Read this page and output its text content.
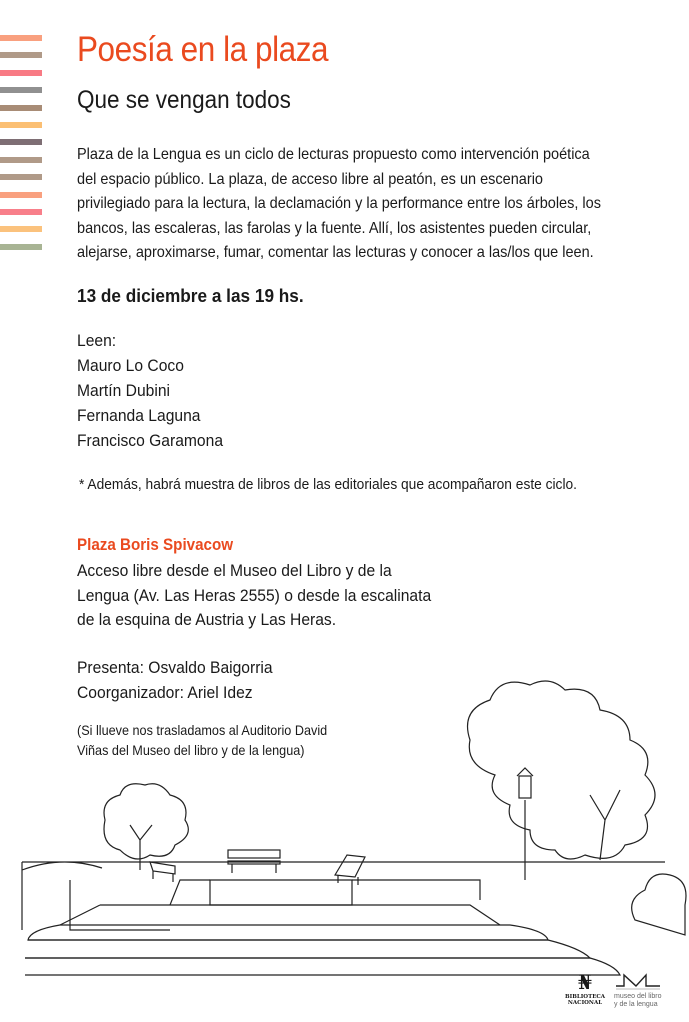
Poesía en la plaza
Que se vengan todos
Plaza de la Lengua es un ciclo de lecturas propuesto como intervención poética
del espacio público. La plaza, de acceso libre al peatón, es un escenario
privilegiado para la lectura, la declamación y la performance entre los árboles, los
bancos, las escaleras, las farolas y la fuente. Allí, los asistentes pueden circular,
alejarse, aproximarse, fumar, comentar las lecturas y conocer a las/los que leen.
13 de diciembre a las 19 hs.
Leen:
Mauro Lo Coco
Martín Dubini
Fernanda Laguna
Francisco Garamona
* Además, habrá muestra de libros de las editoriales que acompañaron este ciclo.
Plaza Boris Spivacow
Acceso libre desde el Museo del Libro y de la
Lengua (Av. Las Heras 2555) o desde la escalinata
de la esquina de Austria y Las Heras.
Presenta: Osvaldo Baigorria
Coorganizador: Ariel Idez
(Si llueve nos trasladamos al Auditorio David
Viñas del Museo del libro y de la lengua)
₦
BIBLIOTECA
NACIONAL
museo del libro
y de la lengua
